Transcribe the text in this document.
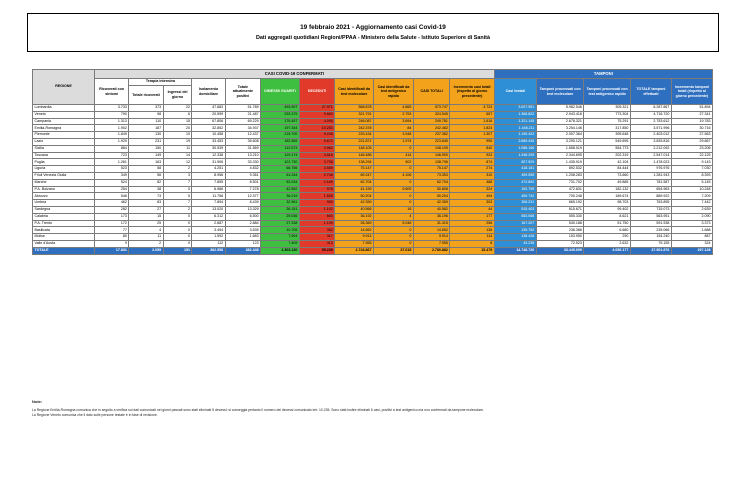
19 febbraio 2021 - Aggiornamento casi Covid-19
Dati aggregati quotidiani Regioni/PPAA - Ministero della Salute - Istituto Superiore di Sanità
REGIONE	CASI COVID-19 CONFERMATI											TAMPONI				
	Ricoverati con sintomi	Terapia intensiva		Isolamento domiciliare	Totale attualmente positivi	DIMESSI/ GUARITI	DECEDUTI	Casi identificati da test molecolare	Casi identificati da test antigenico rapido	CASI TOTALI	Incremento casi totali (rispetto al giorno precedente)	Casi testati	Tamponi processati con test molecolare	Tamponi processati con test antigenico rapido	TOTALE tamponi effettuati	Incremento tamponi totali (rispetto al giorno precedente)
		Totale ricoverati	Ingressi del giorno													
Lombardia	3.733	373	22	47.683	51.789	493.907	27.971	568.878	4.869	573.747	3.724	3.007.951	5.982.546	305.321	6.287.867	51.894
Veneto	790	98	6	20.599	21.487	293.375	9.663	321.791	2.753	324.545	657	1.368.822	2.943.416	773.304	4.716.720	27.341
Campania	1.313	110	15	67.806	69.229	176.457	4.095	246.087	3.694	249.781	1.616	1.321.145	2.678.321	75.291	2.753.612	19.783
Emilia-Romagna	1.902	187	20	32.852	34.937	197.344	10.283	242.378	84	242.462	1.823	1.448.211	3.254.146	317.850	3.571.996	30.716
Piemonte	1.849	130	10	10.458	12.437	215.700	9.245	233.434	3.948	237.382	1.307	1.195.422	2.007.364	395.648	2.403.012	27.563
Lazio	1.929	231	19	33.453	35.608	182.565	5.672	221.871	1.974	223.845	990	2.689.445	3.290.121	549.695	3.839.816	29.867
Sicilia	884	150	11	30.539	31.569	112.573	3.963	148.105	0	148.105	840	1.086.166	1.658.019	554.773	2.212.092	23.206
Toscana	723	149	14	12.338	13.210	129.174	4.516	146.486	414	146.900	924	1.348.205	2.344.695	202.319	2.547.014	22.125
Puglia	1.261	163	12	31.906	33.330	101.730	3.736	138.294	502	138.796	874	827.529	1.435.919	42.104	1.478.023	9.143
Liguria	523	58	2	4.251	4.832	66.756	3.559	75.147	0	75.147	274	418.181	892.532	84.444	976.976	7.030
Friuli Venezia Giulia	349	56	3	8.956	9.361	61.244	2.748	69.247	4.106	73.353	310	459.555	1.208.283	73.660	1.281.943	8.393
Marche	524	82	7	7.895	8.501	52.034	2.169	62.704	0	62.704	488	472.892	731.702	49.885	781.587	5.145
P.A. Bolzano	254	38	0	6.986	7.278	42.552	978	41.199	9.609	50.808	324	192.795	472.831	182.132	654.963	10.248
Abruzzo	546	73	5	11.758	12.377	36.219	1.608	50.204	0	50.204	494	459.742	700.248	189.674	889.922	7.209
Umbria	462	83	7	7.894	8.439	32.961	959	42.359	0	42.359	303	308.231	665.192	98.703	763.895	7.442
Sardegna	282	27	2	13.020	13.329	26.151	1.102	40.566	16	40.582	44	515.403	615.671	99.402	715.073	2.639
Calabria	173	15	0	6.312	6.500	29.036	663	36.192	4	36.196	177	553.068	555.330	8.621	563.951	2.090
P.A. Trento	172	25	0	2.687	2.884	27.338	1.193	26.369	5.046	31.415	256	167.207	540.188	51.750	591.938	3.373
Basilicata	77	4	0	3.454	3.535	10.705	362	14.652	0	14.652	136	139.752	238.386	6.680	235.066	1.688
Molise	80	11	0	1.592	1.683	7.904	317	9.914	0	9.914	114	138.428	153.950	290	154.240	887
Valle d'Aosta	9	2	0	112	123	7.409	413	7.955	0	7.955	8	43.236	72.523	2.632	75.155	324
TOTALE	17.831	2.059	151	382.558	382.448	2.303.130	95.235	2.743.867	37.015	2.780.882	15.479	14.748.720	33.445.699	4.056.177	37.501.876	297.128
Note:
La Regione Emilia-Romagna comunica che in seguito a verifica sui dati comunicati nei giorni passati sono stati eliminati 5 decessi; si conseggia pertanto il numero dei decessi comunicato ieri: 10.235. Sono stati inoltre eliminati 6 casi, positivi a test antigenico ma non confermati da tampone molecolare.
La Regione Veneto comunica che il dato sulle persone testate è in fase di revisione.
